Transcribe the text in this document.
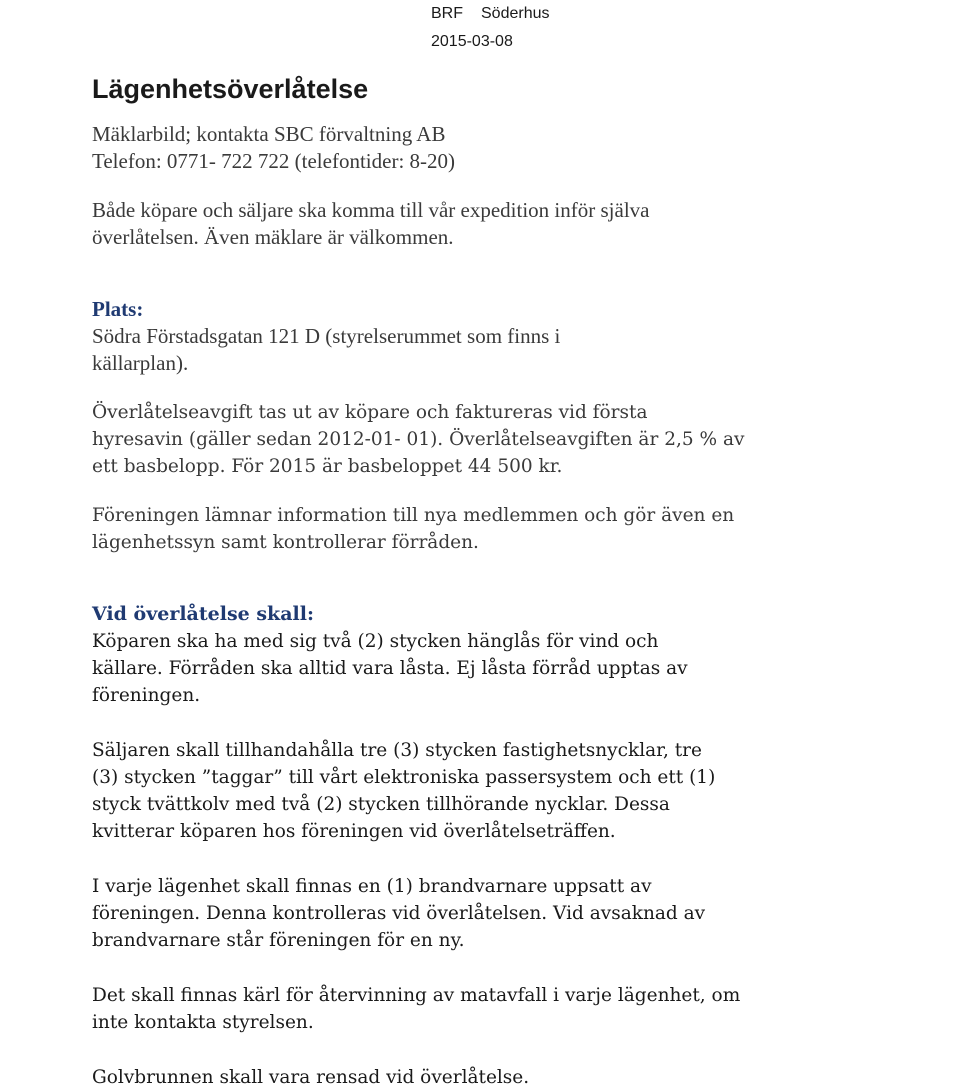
BRF Söderhus
2015-03-08
Lägenhetsöverlåtelse

Mäklarbild; kontakta SBC förvaltning AB

Telefon: 0771- 722 722 (telefontider: 8-20)

Både köpare och säljare ska komma till vår expedition inför själva
överlåtelsen. Även mäklare är välkommen.

Plats:

Södra Förstadsgatan 121 D (styrelserummet som finns i
källarplan).

Överlåtelseavgift tas ut av köpare och faktureras vid första
hyresavin (gäller sedan 2012-01- 01). Överlåtelseavgiften är 2,5 % av
ett basbelopp. För 2015 är basbeloppet 44 500 kr.

Föreningen lämnar information till nya medlemmen och gör även en
lägenhetssyn samt kontrollerar förråden.

Vid överlåtelse skall:

Köparen ska ha med sig två (2) stycken hänglås för vind och
källare. Förråden ska alltid vara låsta. Ej låsta förråd upptas av
föreningen.

Säljaren skall tillhandahålla tre (3) stycken fastighetsnycklar, tre
(3) stycken ”taggar” till vårt elektroniska passersystem och ett (1)
styck tvättkolv med två (2) stycken tillhörande nycklar. Dessa
kvitterar köparen hos föreningen vid överlåtelseträffen.

I varje lägenhet skall finnas en (1) brandvarnare uppsatt av
föreningen. Denna kontrolleras vid överlåtelsen. Vid avsaknad av
brandvarnare står föreningen för en ny.

Det skall finnas kärl för återvinning av matavfall i varje lägenhet, om
inte kontakta styrelsen.

Golvbrunnen skall vara rensad vid överlåtelse.
